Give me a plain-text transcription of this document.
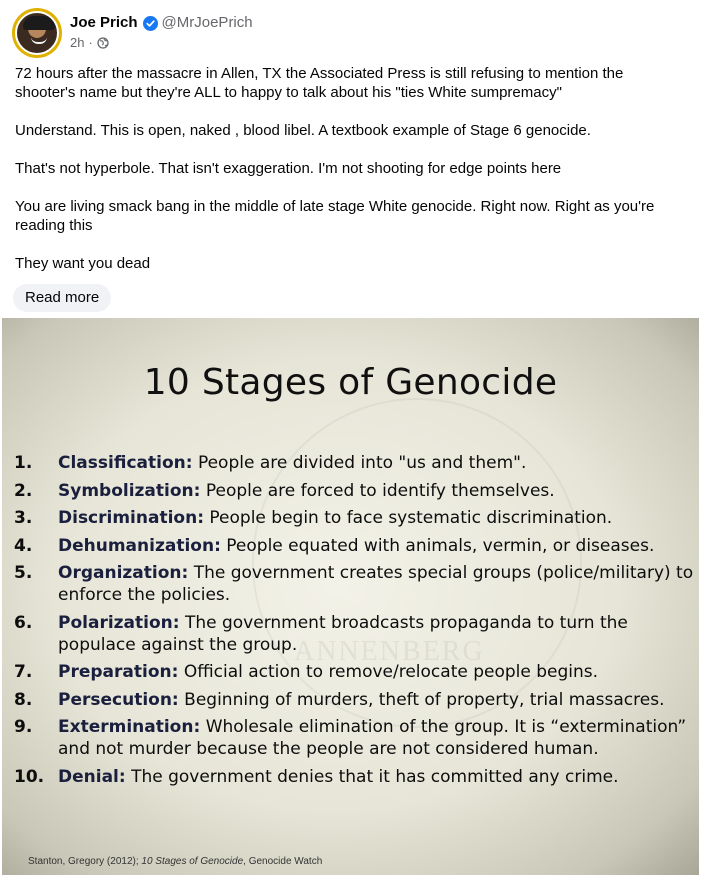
Joe Prich @MrJoePrich
2h ·

72 hours after the massacre in Allen, TX the Associated Press is still refusing to mention the shooter's name but they're ALL to happy to talk about his "ties White sumpremacy"

Understand. This is open, naked , blood libel. A textbook example of Stage 6 genocide.

That's not hyperbole. That isn't exaggeration. I'm not shooting for edge points here

You are living smack bang in the middle of late stage White genocide. Right now. Right as you're reading this

They want you dead

Read more
ANNENBERG
10 Stages of Genocide
1.	Classification: People are divided into "us and them".
2.	Symbolization: People are forced to identify themselves.
3.	Discrimination: People begin to face systematic discrimination.
4.	Dehumanization: People equated with animals, vermin, or diseases.
5.	Organization: The government creates special groups (police/military) to enforce the policies.
6.	Polarization: The government broadcasts propaganda to turn the populace against the group.
7.	Preparation: Official action to remove/relocate people begins.
8.	Persecution: Beginning of murders, theft of property, trial massacres.
9.	Extermination: Wholesale elimination of the group. It is “extermination” and not murder because the people are not considered human.
10. Denial: The government denies that it has committed any crime.
Stanton, Gregory (2012); 10 Stages of Genocide, Genocide Watch
